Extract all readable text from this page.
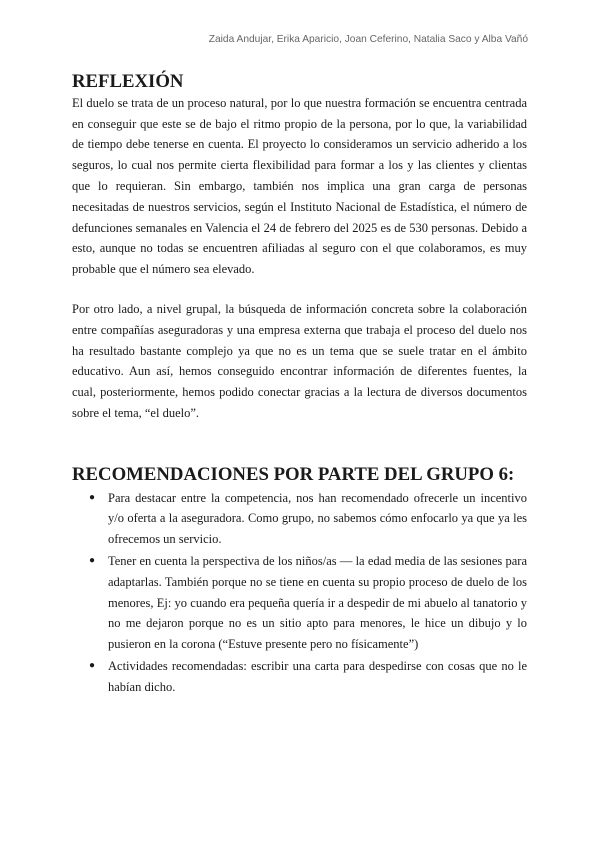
Zaida Andujar, Erika Aparicio, Joan Ceferino, Natalia Saco y Alba Vañó
REFLEXIÓN

El duelo se trata de un proceso natural, por lo que nuestra formación se encuentra centrada en conseguir que este se de bajo el ritmo propio de la persona, por lo que, la variabilidad de tiempo debe tenerse en cuenta. El proyecto lo consideramos un servicio adherido a los seguros, lo cual nos permite cierta flexibilidad para formar a los y las clientes y clientas que lo requieran. Sin embargo, también nos implica una gran carga de personas necesitadas de nuestros servicios, según el Instituto Nacional de Estadística, el número de defunciones semanales en Valencia el 24 de febrero del 2025 es de 530 personas. Debido a esto, aunque no todas se encuentren afiliadas al seguro con el que colaboramos, es muy probable que el número sea elevado.

Por otro lado, a nivel grupal, la búsqueda de información concreta sobre la colaboración entre compañías aseguradoras y una empresa externa que trabaja el proceso del duelo nos ha resultado bastante complejo ya que no es un tema que se suele tratar en el ámbito educativo. Aun así, hemos conseguido encontrar información de diferentes fuentes, la cual, posteriormente, hemos podido conectar gracias a la lectura de diversos documentos sobre el tema, “el duelo”.

RECOMENDACIONES POR PARTE DEL GRUPO 6:
● Para destacar entre la competencia, nos han recomendado ofrecerle un incentivo y/o oferta a la aseguradora. Como grupo, no sabemos cómo enfocarlo ya que ya les ofrecemos un servicio.
● Tener en cuenta la perspectiva de los niños/as — la edad media de las sesiones para adaptarlas. También porque no se tiene en cuenta su propio proceso de duelo de los menores, Ej: yo cuando era pequeña quería ir a despedir de mi abuelo al tanatorio y no me dejaron porque no es un sitio apto para menores, le hice un dibujo y lo pusieron en la corona (“Estuve presente pero no físicamente”)
● Actividades recomendadas: escribir una carta para despedirse con cosas que no le habían dicho.
